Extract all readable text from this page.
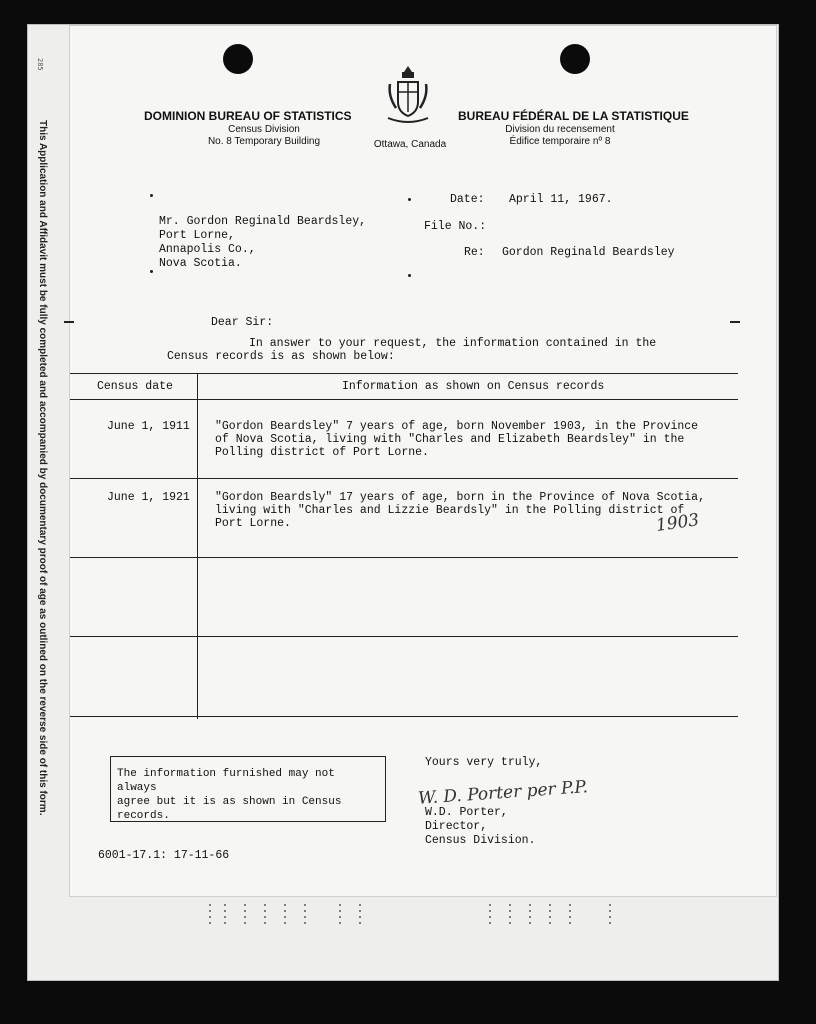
This Application and Affidavit must be fully completed and accompanied by documentary proof of age as outlined on the reverse side of this form.
285
DOMINION BUREAU OF STATISTICS
Census Division
No. 8 Temporary Building	Ottawa, Canada
BUREAU FÉDÉRAL DE LA STATISTIQUE
Division du recensement
Édifice temporaire nº 8
Mr. Gordon Reginald Beardsley,
Port Lorne,
Annapolis Co.,
Nova Scotia.
Date: April 11, 1967.
File No.:
Re: Gordon Reginald Beardsley
Dear Sir:
In answer to your request, the information contained in the
Census records is as shown below:
Census date	Information as shown on Census records
June 1, 1911 "Gordon Beardsley" 7 years of age, born November 1903, in the Province
of Nova Scotia, living with "Charles and Elizabeth Beardsley" in the
Polling district of Port Lorne.
June 1, 1921 "Gordon Beardsly" 17 years of age, born in the Province of Nova Scotia,
living with "Charles and Lizzie Beardsly" in the Polling district of
Port Lorne.	1903
The information furnished may not always
agree but it is as shown in Census
records.
Yours very truly,
W. D. Porter per P.P.
W.D. Porter,
Director,
Census Division.
6001-17.1: 17-11-66
